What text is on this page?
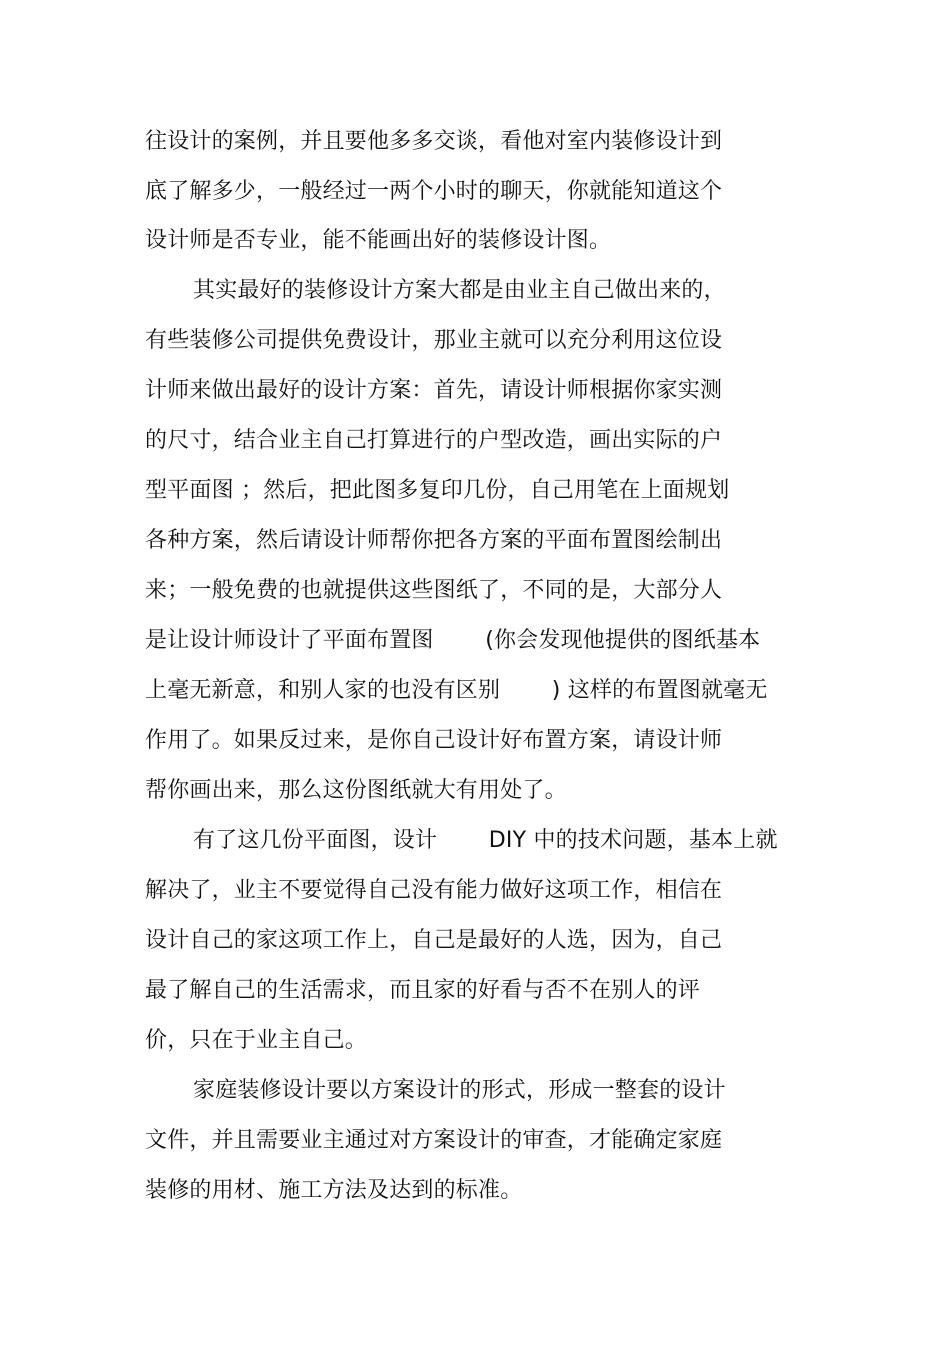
往设计的案例，并且要他多多交谈，看他对室内装修设计到
底了解多少，一般经过一两个小时的聊天，你就能知道这个
设计师是否专业，能不能画出好的装修设计图。
其实最好的装修设计方案大都是由业主自己做出来的，
有些装修公司提供免费设计，那业主就可以充分利用这位设
计师来做出最好的设计方案：首先，请设计师根据你家实测
的尺寸，结合业主自己打算进行的户型改造，画出实际的户
型平面图 ；然后，把此图多复印几份，自己用笔在上面规划
各种方案，然后请设计师帮你把各方案的平面布置图绘制出
来；一般免费的也就提供这些图纸了，不同的是，大部分人
是让设计师设计了平面布置图 　　(你会发现他提供的图纸基本
上毫无新意，和别人家的也没有区别 　　) 这样的布置图就毫无
作用了。如果反过来，是你自己设计好布置方案，请设计师
帮你画出来，那么这份图纸就大有用处了。
有了这几份平面图，设计 　　DIY 中的技术问题，基本上就
解决了，业主不要觉得自己没有能力做好这项工作，相信在
设计自己的家这项工作上，自己是最好的人选，因为，自己
最了解自己的生活需求，而且家的好看与否不在别人的评
价，只在于业主自己。
家庭装修设计要以方案设计的形式，形成一整套的设计
文件，并且需要业主通过对方案设计的审查，才能确定家庭
装修的用材、施工方法及达到的标准。
